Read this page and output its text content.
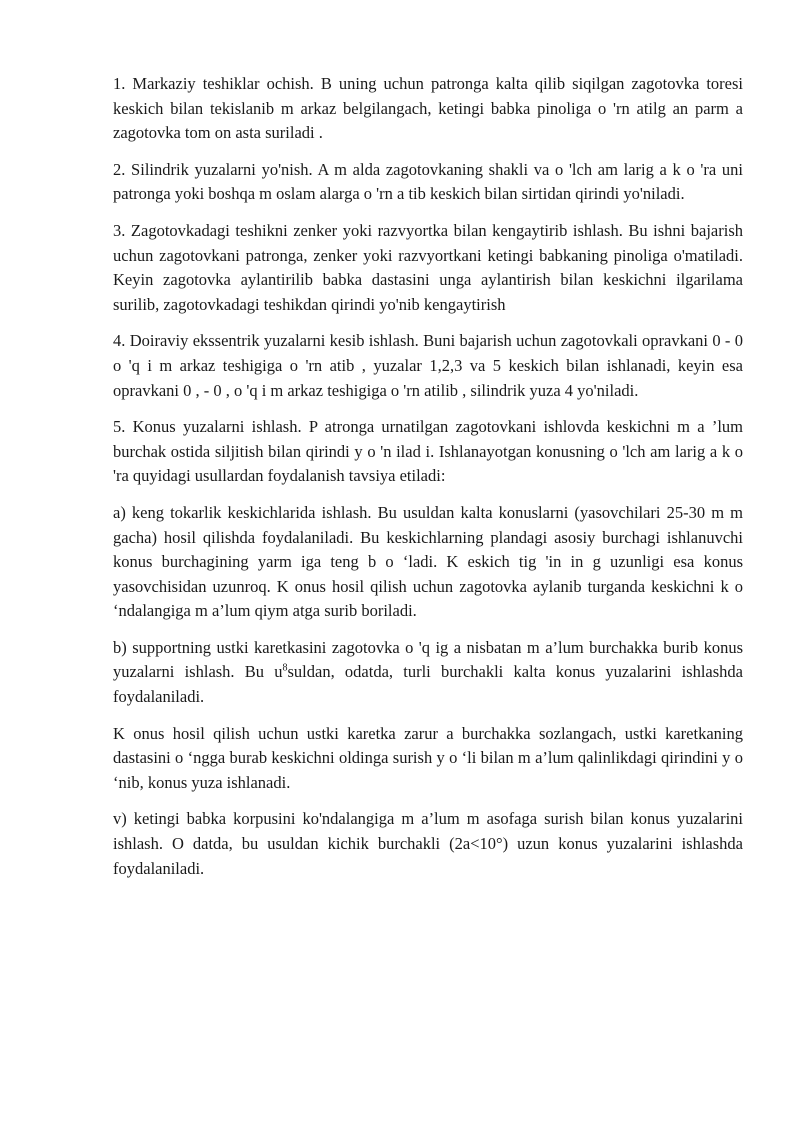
1. Markaziy teshiklar ochish. B uning uchun patronga kalta qilib siqilgan zagotovka toresi keskich bilan tekislanib m arkaz belgilangach, ketingi babka pinoliga o 'rn atilg an parm a zagotovka tom on asta suriladi .

2. Silindrik yuzalarni yo'nish. A m alda zagotovkaning shakli va o 'lch am larig a k o 'ra uni patronga yoki boshqa m oslam alarga o 'rn a tib keskich bilan sirtidan qirindi yo'niladi.

3. Zagotovkadagi teshikni zenker yoki razvyortka bilan kengaytirib ishlash. Bu ishni bajarish uchun zagotovkani patronga, zenker yoki razvyortkani ketingi babkaning pinoliga o'matiladi. Keyin zagotovka aylantirilib babka dastasini unga aylantirish bilan keskichni ilgarilama surilib, zagotovkadagi teshikdan qirindi yo'nib kengaytirish

4. Doiraviy ekssentrik yuzalarni kesib ishlash. Buni bajarish uchun zagotovkali opravkani 0 - 0 o 'q i m arkaz teshigiga o 'rn atib , yuzalar 1,2,3 va 5 keskich bilan ishlanadi, keyin esa opravkani 0 , - 0 , o 'q i m arkaz teshigiga o 'rn atilib , silindrik yuza 4 yo'niladi.

5. Konus yuzalarni ishlash. P atronga urnatilgan zagotovkani ishlovda keskichni m a ’lum burchak ostida siljitish bilan qirindi y o 'n ilad i. Ishlanayotgan konusning o 'lch am larig a k o 'ra quyidagi usullardan foydalanish tavsiya etiladi:

a) keng tokarlik keskichlarida ishlash. Bu usuldan kalta konuslarni (yasovchilari 25-30 m m gacha) hosil qilishda foydalaniladi. Bu keskichlarning plandagi asosiy burchagi ishlanuvchi konus burchagining yarm iga teng b o ‘ladi. K eskich tig 'in in g uzunligi esa konus yasovchisidan uzunroq. K onus hosil qilish uchun zagotovka aylanib turganda keskichni k o ‘ndalangiga m a’lum qiym atga surib boriladi.

b) supportning ustki karetkasini zagotovka o 'q ig a nisbatan m a’lum burchakka burib konus yuzalarni ishlash. Bu $u^8suldan$, odatda, turli burchakli kalta konus yuzalarini ishlashda foydalaniladi.

K onus hosil qilish uchun ustki karetka zarur a burchakka sozlangach, ustki karetkaning dastasini o ‘ngga burab keskichni oldinga surish y o ‘li bilan m a’lum qalinlikdagi qirindini y o ‘nib, konus yuza ishlanadi.

v) ketingi babka korpusini ko'ndalangiga m a’lum m asofaga surish bilan konus yuzalarini ishlash. O datda, bu usuldan kichik burchakli (2a<10°) uzun konus yuzalarini ishlashda foydalaniladi.
